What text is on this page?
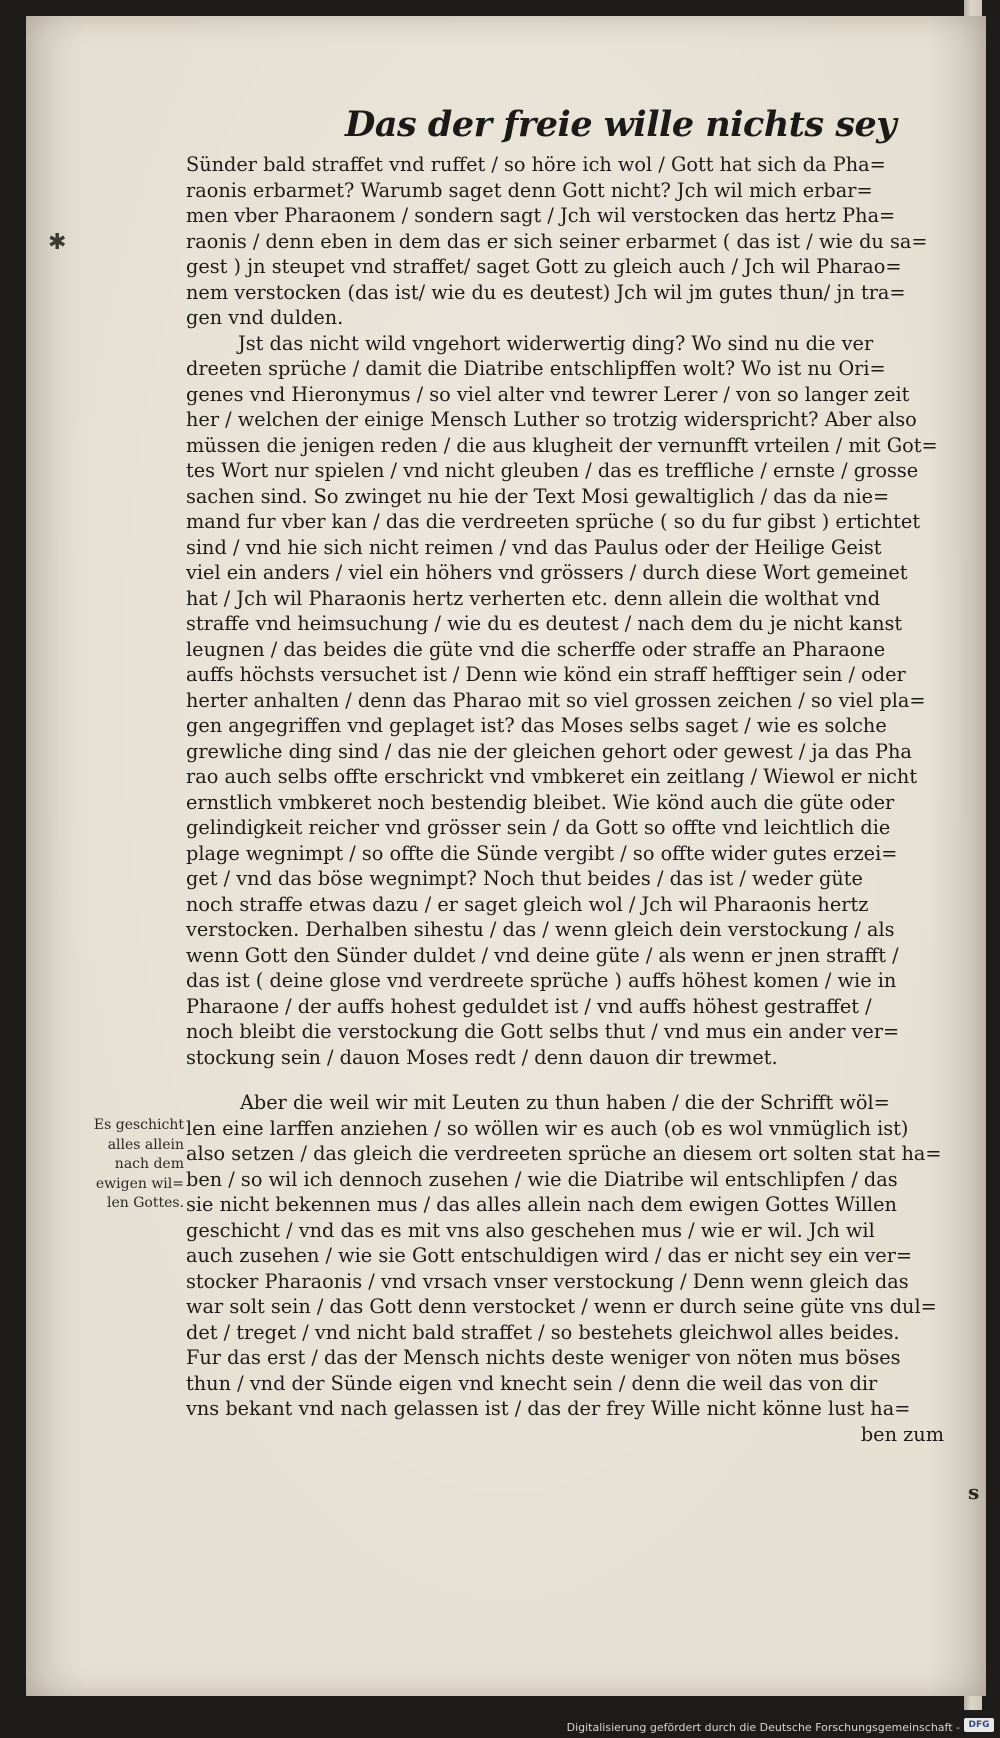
Das der freie wille nichts sey
✱
Sünder bald straffet vnd ruffet / so höre ich wol / Gott hat sich da Pha=
raonis erbarmet? Warumb saget denn Gott nicht? Jch wil mich erbar=
men vber Pharaonem / sondern sagt / Jch wil verstocken das hertz Pha=
raonis / denn eben in dem das er sich seiner erbarmet ( das ist / wie du sa=
gest ) jn steupet vnd straffet/ saget Gott zu gleich auch / Jch wil Pharao=
nem verstocken (das ist/ wie du es deutest) Jch wil jm gutes thun/ jn tra=
gen vnd dulden.
Jst das nicht wild vngehort widerwertig ding? Wo sind nu die ver
dreeten sprüche / damit die Diatribe entschlipffen wolt? Wo ist nu Ori=
genes vnd Hieronymus / so viel alter vnd tewrer Lerer / von so langer zeit
her / welchen der einige Mensch Luther so trotzig widerspricht? Aber also
müssen die jenigen reden / die aus klugheit der vernunfft vrteilen / mit Got=
tes Wort nur spielen / vnd nicht gleuben / das es treffliche / ernste / grosse
sachen sind. So zwinget nu hie der Text Mosi gewaltiglich / das da nie=
mand fur vber kan / das die verdreeten sprüche ( so du fur gibst ) ertichtet
sind / vnd hie sich nicht reimen / vnd das Paulus oder der Heilige Geist
viel ein anders / viel ein höhers vnd grössers / durch diese Wort gemeinet
hat / Jch wil Pharaonis hertz verherten etc. denn allein die wolthat vnd
straffe vnd heimsuchung / wie du es deutest / nach dem du je nicht kanst
leugnen / das beides die güte vnd die scherffe oder straffe an Pharaone
auffs höchsts versuchet ist / Denn wie könd ein straff hefftiger sein / oder
herter anhalten / denn das Pharao mit so viel grossen zeichen / so viel pla=
gen angegriffen vnd geplaget ist? das Moses selbs saget / wie es solche
grewliche ding sind / das nie der gleichen gehort oder gewest / ja das Pha
rao auch selbs offte erschrickt vnd vmbkeret ein zeitlang / Wiewol er nicht
ernstlich vmbkeret noch bestendig bleibet. Wie könd auch die güte oder
gelindigkeit reicher vnd grösser sein / da Gott so offte vnd leichtlich die
plage wegnimpt / so offte die Sünde vergibt / so offte wider gutes erzei=
get / vnd das böse wegnimpt? Noch thut beides / das ist / weder güte
noch straffe etwas dazu / er saget gleich wol / Jch wil Pharaonis hertz
verstocken. Derhalben sihestu / das / wenn gleich dein verstockung / als
wenn Gott den Sünder duldet / vnd deine güte / als wenn er jnen strafft /
das ist ( deine glose vnd verdreete sprüche ) auffs höhest komen / wie in
Pharaone / der auffs hohest geduldet ist / vnd auffs höhest gestraffet /
noch bleibt die verstockung die Gott selbs thut / vnd mus ein ander ver=
stockung sein / dauon Moses redt / denn dauon dir trewmet.
Aber die weil wir mit Leuten zu thun haben / die der Schrifft wöl=
len eine larffen anziehen / so wöllen wir es auch (ob es wol vnmüglich ist)
also setzen / das gleich die verdreeten sprüche an diesem ort solten stat ha=
ben / so wil ich dennoch zusehen / wie die Diatribe wil entschlipfen / das
sie nicht bekennen mus / das alles allein nach dem ewigen Gottes Willen
geschicht / vnd das es mit vns also geschehen mus / wie er wil. Jch wil
auch zusehen / wie sie Gott entschuldigen wird / das er nicht sey ein ver=
stocker Pharaonis / vnd vrsach vnser verstockung / Denn wenn gleich das
war solt sein / das Gott denn verstocket / wenn er durch seine güte vns dul=
det / treget / vnd nicht bald straffet / so bestehets gleichwol alles beides.
Fur das erst / das der Mensch nichts deste weniger von nöten mus böses
thun / vnd der Sünde eigen vnd knecht sein / denn die weil das von dir
vns bekant vnd nach gelassen ist / das der frey Wille nicht könne lust ha=
ben zum
Es geschicht
alles allein
nach dem
ewigen wil=
len Gottes.
s
Digitalisierung gefördert durch die Deutsche Forschungsgemeinschaft - DFG
